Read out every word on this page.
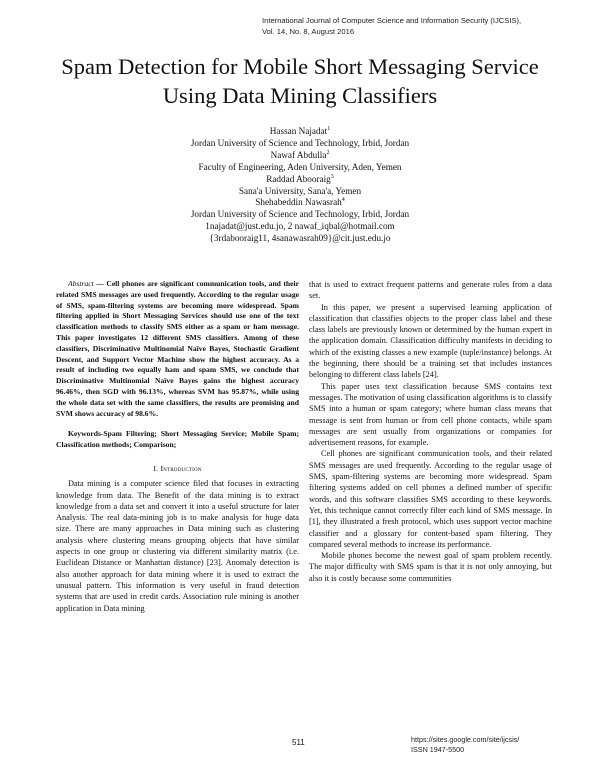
International Journal of Computer Science and Information Security (IJCSIS),
Vol. 14, No. 8, August 2016
Spam Detection for Mobile Short Messaging Service
Using Data Mining Classifiers
Hassan Najadat$^1$
Jordan University of Science and Technology, Irbid, Jordan
Nawaf Abdulla$^2$
Faculty of Engineering, Aden University, Aden, Yemen
Raddad Abooraig$^3$
Sana'a University, Sana'a, Yemen
Shehabeddin Nawasrah$^4$
Jordan University of Science and Technology, Irbid, Jordan
1najadat@just.edu.jo, 2 nawaf_iqbal@hotmail.com
{3rdabooraig11, 4sanawasrah09}@cit.just.edu.jo

Abstract — Cell phones are significant communication tools, and their related SMS messages are used frequently. According to the regular usage of SMS, spam-filtering systems are becoming more widespread. Spam filtering applied in Short Messaging Services should use one of the text classification methods to classify SMS either as a spam or ham message. This paper investigates 12 different SMS classifiers. Among of these classifiers, Discriminative Multinomial Naïve Bayes, Stochastic Gradient Descent, and Support Vector Machine show the highest accuracy. As a result of including two equally ham and spam SMS, we conclude that Discriminative Multinomial Naïve Bayes gains the highest accuracy 96.46%, then SGD with 96.13%, whereas SVM has 95.87%, while using the whole data set with the same classifiers, the results are promising and SVM shows accuracy of 98.6%.

Keywords-Spam Filtering; Short Messaging Service; Mobile Spam; Classification methods; Comparison;

I. Introduction

Data mining is a computer science filed that focuses in extracting knowledge from data. The Benefit of the data mining is to extract knowledge from a data set and convert it into a useful structure for later Analysis. The real data-mining job is to make analysis for huge data size. There are many approaches in Data mining such as clustering analysis where clustering means grouping objects that have similar aspects in one group or clustering via different similarity matrix (i.e. Euclidean Distance or Manhattan distance) [23]. Anomaly detection is also another approach for data mining where it is used to extract the unusual pattern. This information is very useful in fraud detection systems that are used in credit cards. Association rule mining is another application in Data mining

that is used to extract frequent patterns and generate rules from a data set.

In this paper, we present a supervised learning application of classification that classifies objects to the proper class label and these class labels are previously known or determined by the human expert in the application domain. Classification difficulty manifests in deciding to which of the existing classes a new example (tuple/instance) belongs. At the beginning, there should be a training set that includes instances belonging to different class labels [24].

This paper uses text classification because SMS contains text messages. The motivation of using classification algorithms is to classify SMS into a human or spam category; where human class means that message is sent from human or from cell phone contacts, while spam messages are sent usually from organizations or companies for advertisement reasons, for example.

Cell phones are significant communication tools, and their related SMS messages are used frequently. According to the regular usage of SMS, spam-filtering systems are becoming more widespread. Spam filtering systems added on cell phones a defined number of specific words, and this software classifies SMS according to these keywords. Yet, this technique cannot correctly filter each kind of SMS message. In [1], they illustrated a fresh protocol, which uses support vector machine classifier and a glossary for content-based spam filtering. They compared several methods to increase its performance.

Mobile phones become the newest goal of spam problem recently. The major difficulty with SMS spam is that it is not only annoying, but also it is costly because some communities

511	https://sites.google.com/site/ijcsis/
ISSN 1947-5500
